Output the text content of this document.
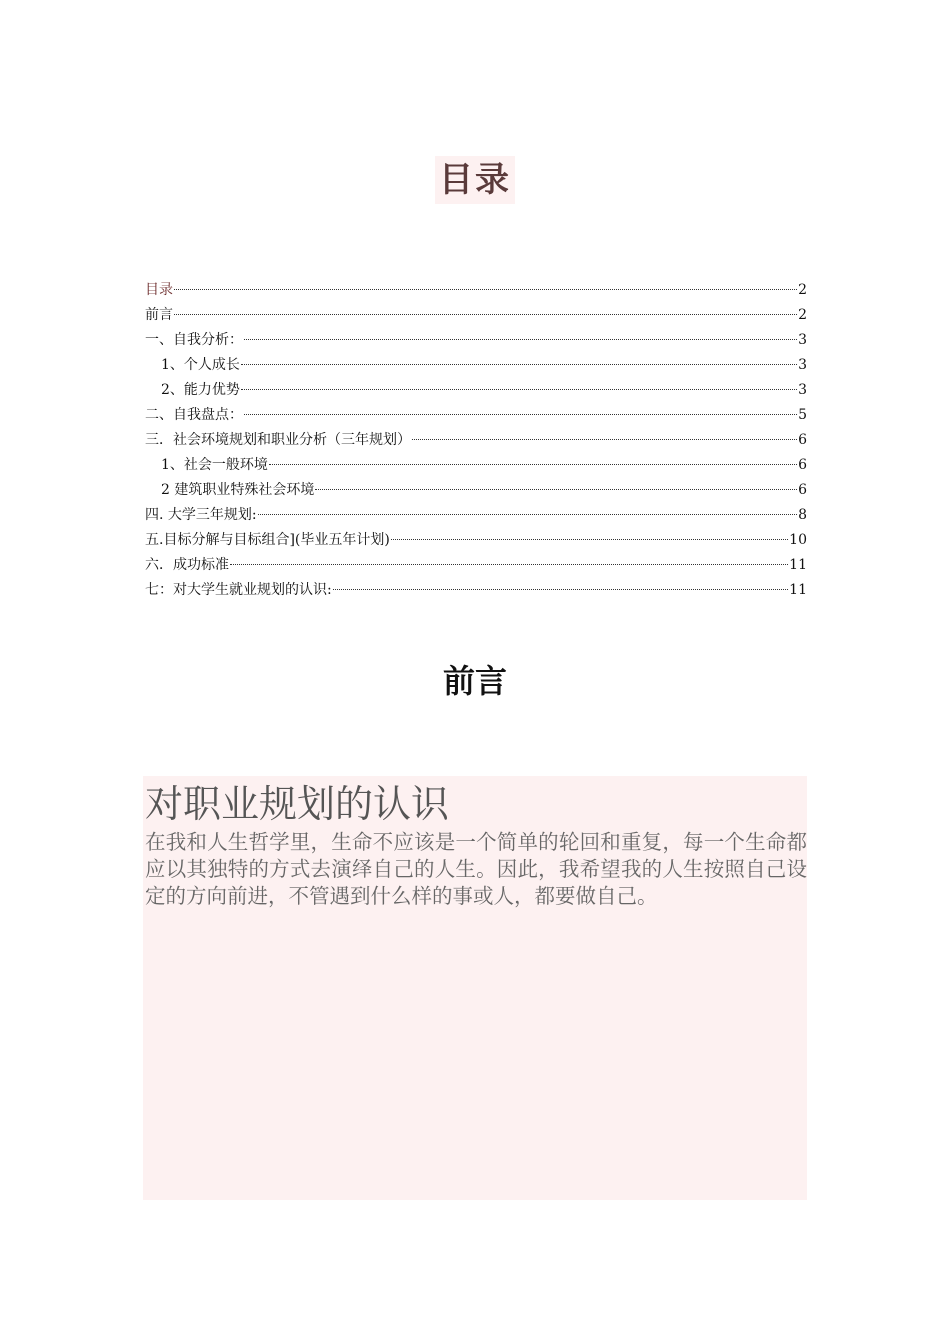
目录
目录	2
前言	2
一、自我分析：	3
1、个人成长	3
2、能力优势	3
二、自我盘点：	5
三．社会环境规划和职业分析（三年规划）	6
1、社会一般环境	6
2 建筑职业特殊社会环境	6
四. 大学三年规划:	8
五.目标分解与目标组合](毕业五年计划)	10
六．成功标准	11
七：对大学生就业规划的认识:	11
前言
对职业规划的认识
在我和人生哲学里，生命不应该是一个简单的轮回和重复，每一个生命都应以其独特的方式去演绎自己的人生。因此，我希望我的人生按照自己设定的方向前进，不管遇到什么样的事或人，都要做自己。
